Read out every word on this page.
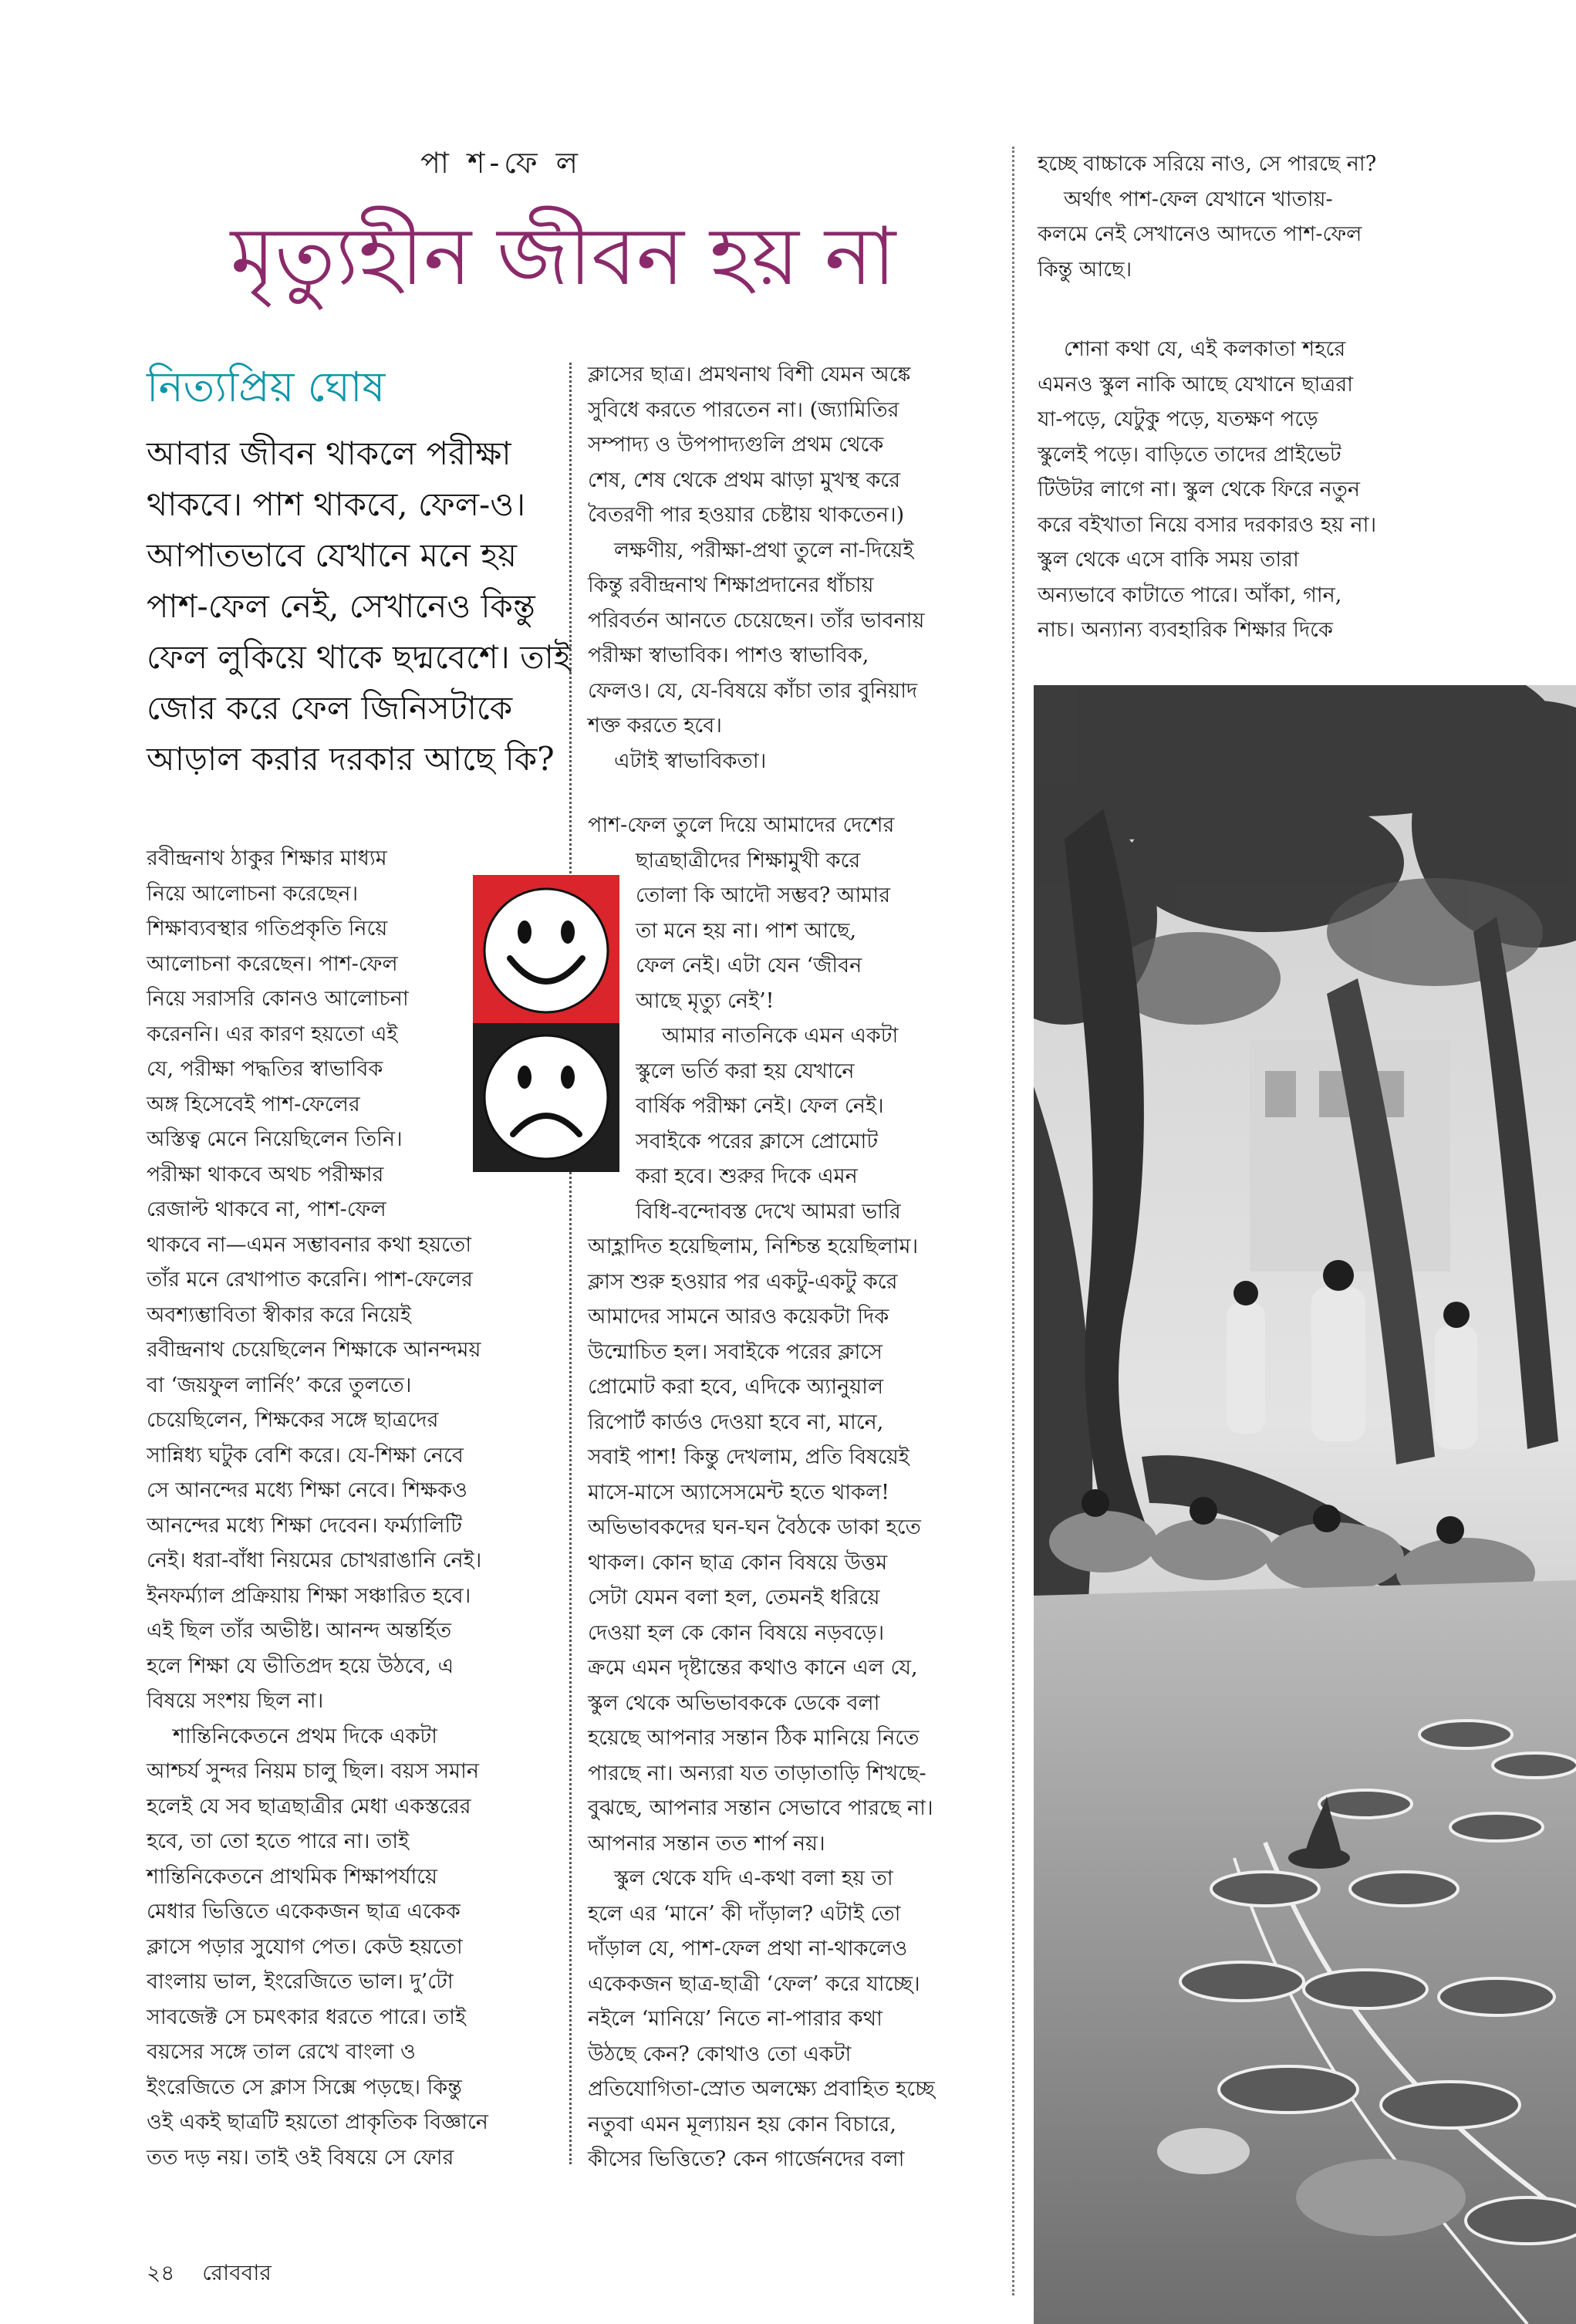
পা শ-ফে ল
মৃত্যুহীন জীবন হয় না
নিত্যপ্রিয় ঘোষ
আবার জীবন থাকলে পরীক্ষা থাকবে। পাশ থাকবে, ফেল-ও। আপাতভাবে যেখানে মনে হয় পাশ-ফেল নেই, সেখানেও কিন্তু ফেল লুকিয়ে থাকে ছদ্মবেশে। তাই জোর করে ফেল জিনিসটাকে আড়াল করার দরকার আছে কি?

রবীন্দ্রনাথ ঠাকুর শিক্ষার মাধ্যম
নিয়ে আলোচনা করেছেন।
শিক্ষাব্যবস্থার গতিপ্রকৃতি নিয়ে
আলোচনা করেছেন। পাশ-ফেল
নিয়ে সরাসরি কোনও আলোচনা
করেননি। এর কারণ হয়তো এই
যে, পরীক্ষা পদ্ধতির স্বাভাবিক
অঙ্গ হিসেবেই পাশ-ফেলের
অস্তিত্ব মেনে নিয়েছিলেন তিনি।
পরীক্ষা থাকবে অথচ পরীক্ষার
রেজাল্ট থাকবে না, পাশ-ফেল
থাকবে না—এমন সম্ভাবনার কথা হয়তো
তাঁর মনে রেখাপাত করেনি। পাশ-ফেলের
অবশ্যম্ভাবিতা স্বীকার করে নিয়েই
রবীন্দ্রনাথ চেয়েছিলেন শিক্ষাকে আনন্দময়
বা ‘জয়ফুল লার্নিং’ করে তুলতে।
চেয়েছিলেন, শিক্ষকের সঙ্গে ছাত্রদের
সান্নিধ্য ঘটুক বেশি করে। যে-শিক্ষা নেবে
সে আনন্দের মধ্যে শিক্ষা নেবে। শিক্ষকও
আনন্দের মধ্যে শিক্ষা দেবেন। ফর্ম্যালিটি
নেই। ধরা-বাঁধা নিয়মের চোখরাঙানি নেই।
ইনফর্ম্যাল প্রক্রিয়ায় শিক্ষা সঞ্চারিত হবে।
এই ছিল তাঁর অভীষ্ট। আনন্দ অন্তর্হিত
হলে শিক্ষা যে ভীতিপ্রদ হয়ে উঠবে, এ
বিষয়ে সংশয় ছিল না।

শান্তিনিকেতনে প্রথম দিকে একটা
আশ্চর্য সুন্দর নিয়ম চালু ছিল। বয়স সমান
হলেই যে সব ছাত্রছাত্রীর মেধা একস্তরের
হবে, তা তো হতে পারে না। তাই
শান্তিনিকেতনে প্রাথমিক শিক্ষাপর্যায়ে
মেধার ভিত্তিতে একেকজন ছাত্র একেক
ক্লাসে পড়ার সুযোগ পেত। কেউ হয়তো
বাংলায় ভাল, ইংরেজিতে ভাল। দু’টো
সাবজেক্ট সে চমৎকার ধরতে পারে। তাই
বয়সের সঙ্গে তাল রেখে বাংলা ও
ইংরেজিতে সে ক্লাস সিক্সে পড়ছে। কিন্তু
ওই একই ছাত্রটি হয়তো প্রাকৃতিক বিজ্ঞানে
তত দড় নয়। তাই ওই বিষয়ে সে ফোর

ক্লাসের ছাত্র। প্রমথনাথ বিশী যেমন অঙ্কে
সুবিধে করতে পারতেন না। (জ্যামিতির
সম্পাদ্য ও উপপাদ্যগুলি প্রথম থেকে
শেষ, শেষ থেকে প্রথম ঝাড়া মুখস্থ করে
বৈতরণী পার হওয়ার চেষ্টায় থাকতেন।)

লক্ষণীয়, পরীক্ষা-প্রথা তুলে না-দিয়েই
কিন্তু রবীন্দ্রনাথ শিক্ষাপ্রদানের ধাঁচায়
পরিবর্তন আনতে চেয়েছেন। তাঁর ভাবনায়
পরীক্ষা স্বাভাবিক। পাশও স্বাভাবিক,
ফেলও। যে, যে-বিষয়ে কাঁচা তার বুনিয়াদ
শক্ত করতে হবে।

এটাই স্বাভাবিকতা।

পাশ-ফেল তুলে দিয়ে আমাদের দেশের

ছাত্রছাত্রীদের শিক্ষামুখী করে
তোলা কি আদৌ সম্ভব? আমার
তা মনে হয় না। পাশ আছে,
ফেল নেই। এটা যেন ‘জীবন
আছে মৃত্যু নেই’!

আমার নাতনিকে এমন একটা
স্কুলে ভর্তি করা হয় যেখানে
বার্ষিক পরীক্ষা নেই। ফেল নেই।
সবাইকে পরের ক্লাসে প্রোমোট
করা হবে। শুরুর দিকে এমন
বিধি-বন্দোবস্ত দেখে আমরা ভারি

আহ্লাদিত হয়েছিলাম, নিশ্চিন্ত হয়েছিলাম।
ক্লাস শুরু হওয়ার পর একটু-একটু করে
আমাদের সামনে আরও কয়েকটা দিক
উন্মোচিত হল। সবাইকে পরের ক্লাসে
প্রোমোট করা হবে, এদিকে অ্যানুয়াল
রিপোর্ট কার্ডও দেওয়া হবে না, মানে,
সবাই পাশ! কিন্তু দেখলাম, প্রতি বিষয়েই
মাসে-মাসে অ্যাসেসমেন্ট হতে থাকল!
অভিভাবকদের ঘন-ঘন বৈঠকে ডাকা হতে
থাকল। কোন ছাত্র কোন বিষয়ে উত্তম
সেটা যেমন বলা হল, তেমনই ধরিয়ে
দেওয়া হল কে কোন বিষয়ে নড়বড়ে।
ক্রমে এমন দৃষ্টান্তের কথাও কানে এল যে,
স্কুল থেকে অভিভাবককে ডেকে বলা
হয়েছে আপনার সন্তান ঠিক মানিয়ে নিতে
পারছে না। অন্যরা যত তাড়াতাড়ি শিখছে-
বুঝছে, আপনার সন্তান সেভাবে পারছে না।
আপনার সন্তান তত শার্প নয়।

স্কুল থেকে যদি এ-কথা বলা হয় তা
হলে এর ‘মানে’ কী দাঁড়াল? এটাই তো
দাঁড়াল যে, পাশ-ফেল প্রথা না-থাকলেও
একেকজন ছাত্র-ছাত্রী ‘ফেল’ করে যাচ্ছে।
নইলে ‘মানিয়ে’ নিতে না-পারার কথা
উঠছে কেন? কোথাও তো একটা
প্রতিযোগিতা-স্রোত অলক্ষ্যে প্রবাহিত হচ্ছে
নতুবা এমন মূল্যায়ন হয় কোন বিচারে,
কীসের ভিত্তিতে? কেন গার্জেনদের বলা

হচ্ছে বাচ্চাকে সরিয়ে নাও, সে পারছে না?

অর্থাৎ পাশ-ফেল যেখানে খাতায়-
কলমে নেই সেখানেও আদতে পাশ-ফেল
কিন্তু আছে।

শোনা কথা যে, এই কলকাতা শহরে
এমনও স্কুল নাকি আছে যেখানে ছাত্ররা
যা-পড়ে, যেটুকু পড়ে, যতক্ষণ পড়ে
স্কুলেই পড়ে। বাড়িতে তাদের প্রাইভেট
টিউটর লাগে না। স্কুল থেকে ফিরে নতুন
করে বইখাতা নিয়ে বসার দরকারও হয় না।
স্কুল থেকে এসে বাকি সময় তারা
অন্যভাবে কাটাতে পারে। আঁকা, গান,
নাচ। অন্যান্য ব্যবহারিক শিক্ষার দিকে

২৪ রোববার
